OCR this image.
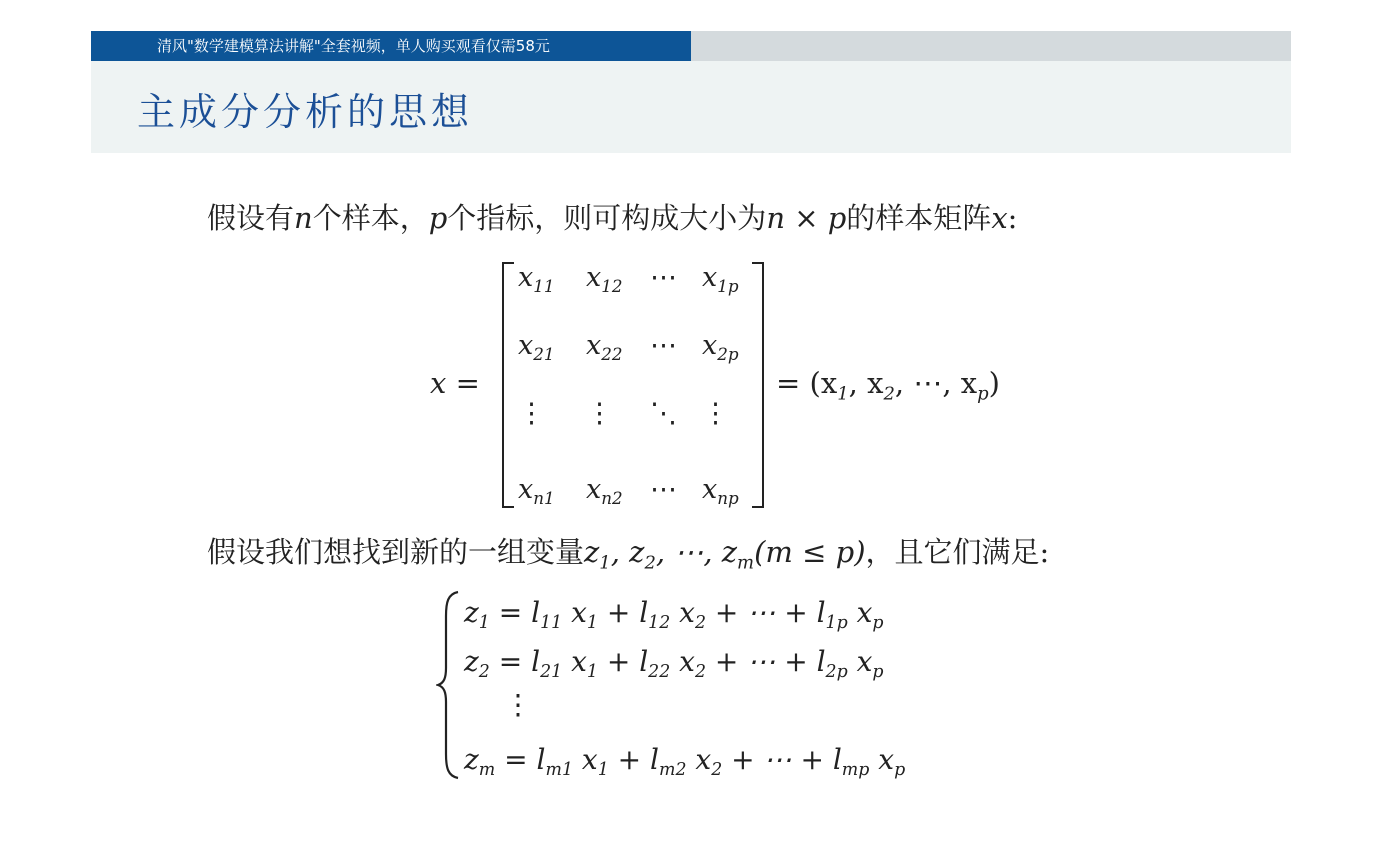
清风"数学建模算法讲解"全套视频，单人购买观看仅需58元
主成分分析的思想
假设有n个样本，p个指标，则可构成大小为n × p的样本矩阵x:
x =
$x_{11}$ $x_{12}$ ⋯ $x_{1p}$
$x_{21}$ $x_{22}$ ⋯ $x_{2p}$
⋮ ⋮ ⋱ ⋮
$x_{n1}$ $x_{n2}$ ⋯ $x_{np}$
= ($x_1$, $x_2$, ⋯, $x_p$)
假设我们想找到新的一组变量$z_1$, $z_2$, ⋯, $z_m(m \le p)$，且它们满足:
$z_1 = l_{11}$ $x_1 + l_{12}$ $x_2$ + ⋯ + $l_{1p}$ $x_p$
$z_2 = l_{21}$ $x_1 + l_{22}$ $x_2$ + ⋯ + $l_{2p}$ $x_p$
⋮
$z_m = l_{m1}$ $x_1 + l_{m2}$ $x_2$ + ⋯ + $l_{mp}$ $x_p$
